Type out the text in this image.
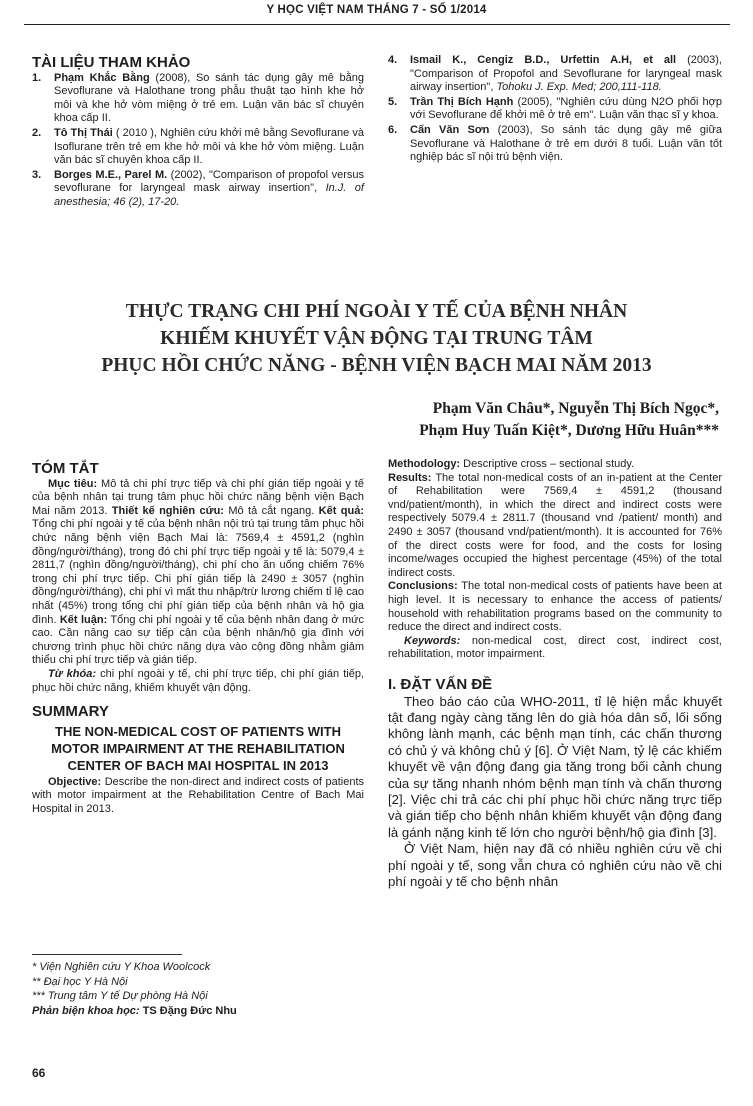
Y HỌC VIỆT NAM THÁNG 7 - SỐ 1/2014
TÀI LIỆU THAM KHẢO
1.	Phạm Khắc Bằng (2008), So sánh tác dụng gây mê bằng Sevoflurane và Halothane trong phẫu thuật tạo hình khe hở môi và khe hở vòm miệng ở trẻ em. Luận văn bác sĩ chuyên khoa cấp II.
2.	Tô Thị Thái ( 2010 ), Nghiên cứu khởi mê bằng Sevoflurane và Isoflurane trên trẻ em khe hở môi và khe hở vòm miệng. Luận văn bác sĩ chuyên khoa cấp II.
3.	Borges M.E., Parel M. (2002), "Comparison of propofol versus sevoflurane for laryngeal mask airway insertion", In.J. of anesthesia; 46 (2), 17-20.
4.	Ismail K., Cengiz B.D., Urfettin A.H, et all (2003), "Comparison of Propofol and Sevoflurane for laryngeal mask airway insertion", Tohoku J. Exp. Med; 200,111-118.
5.	Trần Thị Bích Hạnh (2005), "Nghiên cứu dùng N2O phối hợp với Sevoflurane để khởi mê ở trẻ em". Luận văn thạc sĩ y khoa.
6.	Cấn Văn Sơn (2003), So sánh tác dụng gây mê giữa Sevoflurane và Halothane ở trẻ em dưới 8 tuổi. Luận văn tốt nghiệp bác sĩ nội trú bệnh viện.
THỰC TRẠNG CHI PHÍ NGOÀI Y TẾ CỦA BỆNH NHÂN
KHIẾM KHUYẾT VẬN ĐỘNG TẠI TRUNG TÂM
PHỤC HỒI CHỨC NĂNG - BỆNH VIỆN BẠCH MAI NĂM 2013
Phạm Văn Châu*, Nguyễn Thị Bích Ngọc*,
Phạm Huy Tuấn Kiệt*, Dương Hữu Huân***
TÓM TẮT

Mục tiêu: Mô tả chi phí trực tiếp và chi phí gián tiếp ngoài y tế của bệnh nhân tại trung tâm phục hồi chức năng bệnh viện Bạch Mai năm 2013. Thiết kế nghiên cứu: Mô tả cắt ngang. Kết quả: Tổng chi phí ngoài y tế của bệnh nhân nội trú tại trung tâm phục hồi chức năng bệnh viện Bạch Mai là: 7569,4 ± 4591,2 (nghìn đồng/người/tháng), trong đó chi phí trực tiếp ngoài y tế là: 5079,4 ± 2811,7 (nghìn đồng/người/tháng), chi phí cho ăn uống chiếm 76% trong chi phí trực tiếp. Chi phí gián tiếp là 2490 ± 3057 (nghìn đồng/người/tháng), chi phí vì mất thu nhập/trừ lương chiếm tỉ lệ cao nhất (45%) trong tổng chi phí gián tiếp của bệnh nhân và hộ gia đình. Kết luận: Tổng chi phí ngoài y tế của bệnh nhân đang ở mức cao. Cần nâng cao sự tiếp cận của bệnh nhân/hộ gia đình với chương trình phục hồi chức năng dựa vào cộng đồng nhằm giảm thiểu chi phí trực tiếp và gián tiếp.

Từ khóa: chi phí ngoài y tế, chi phí trực tiếp, chi phí gián tiếp, phục hồi chức năng, khiếm khuyết vận động.

SUMMARY
THE NON-MEDICAL COST OF PATIENTS WITH MOTOR IMPAIRMENT AT THE REHABILITATION CENTER OF BACH MAI HOSPITAL IN 2013

Objective: Describe the non-direct and indirect costs of patients with motor impairment at the Rehabilitation Centre of Bach Mai Hospital in 2013.

Methodology: Descriptive cross – sectional study.

Results: The total non-medical costs of an in-patient at the Center of Rehabilitation were 7569,4 ± 4591,2 (thousand vnd/patient/month), in which the direct and indirect costs were respectively 5079.4 ± 2811.7 (thousand vnd /patient/ month) and 2490 ± 3057 (thousand vnd/patient/month). It is accounted for 76% of the direct costs were for food, and the costs for losing income/wages occupied the highest percentage (45%) of the total indirect costs.

Conclusions: The total non-medical costs of patients have been at high level. It is necessary to enhance the access of patients/ household with rehabilitation programs based on the community to reduce the direct and indirect costs.

Keywords: non-medical cost, direct cost, indirect cost, rehabilitation, motor impairment.

I. ĐẶT VẤN ĐỀ

Theo báo cáo của WHO-2011, tỉ lệ hiện mắc khuyết tật đang ngày càng tăng lên do già hóa dân số, lối sống không lành mạnh, các bệnh mạn tính, các chấn thương có chủ ý và không chủ ý [6]. Ở Việt Nam, tỷ lệ các khiếm khuyết về vận động đang gia tăng trong bối cảnh chung của sự tăng nhanh nhóm bệnh mạn tính và chấn thương [2]. Việc chi trả các chi phí phục hồi chức năng trực tiếp và gián tiếp cho bệnh nhân khiếm khuyết vận động đang là gánh nặng kinh tế lớn cho người bệnh/hộ gia đình [3].

Ở Việt Nam, hiện nay đã có nhiều nghiên cứu về chi phí ngoài y tế, song vẫn chưa có nghiên cứu nào về chi phí ngoài y tế cho bệnh nhân

* Viện Nghiên cứu Y Khoa Woolcock
** Đại học Y Hà Nội
*** Trung tâm Y tế Dự phòng Hà Nội
Phản biện khoa học: TS Đặng Đức Nhu
66
